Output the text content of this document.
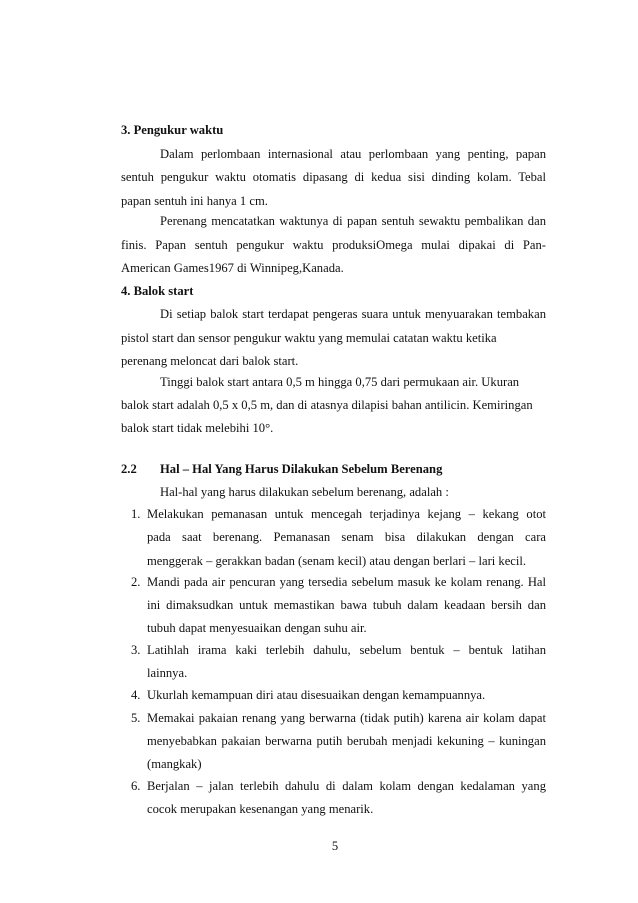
3. Pengukur waktu
Dalam perlombaan internasional atau perlombaan yang penting, papan
sentuh pengukur waktu otomatis dipasang di kedua sisi dinding kolam. Tebal
papan sentuh ini hanya 1 cm.
Perenang mencatatkan waktunya di papan sentuh sewaktu pembalikan dan
finis. Papan sentuh pengukur waktu produksiOmega mulai dipakai di Pan-
American Games1967 di Winnipeg,Kanada.
4. Balok start
Di setiap balok start terdapat pengeras suara untuk menyuarakan tembakan
pistol start dan sensor pengukur waktu yang memulai catatan waktu ketika
perenang meloncat dari balok start.
Tinggi balok start antara 0,5 m hingga 0,75 dari permukaan air. Ukuran
balok start adalah 0,5 x 0,5 m, dan di atasnya dilapisi bahan antilicin. Kemiringan
balok start tidak melebihi 10°.
2.2 Hal – Hal Yang Harus Dilakukan Sebelum Berenang
Hal-hal yang harus dilakukan sebelum berenang, adalah :
1. Melakukan pemanasan untuk mencegah terjadinya kejang – kekang otot
pada saat berenang. Pemanasan senam bisa dilakukan dengan cara
menggerak – gerakkan badan (senam kecil) atau dengan berlari – lari kecil.
2. Mandi pada air pencuran yang tersedia sebelum masuk ke kolam renang. Hal
ini dimaksudkan untuk memastikan bawa tubuh dalam keadaan bersih dan
tubuh dapat menyesuaikan dengan suhu air.
3. Latihlah irama kaki terlebih dahulu, sebelum bentuk – bentuk latihan
lainnya.
4. Ukurlah kemampuan diri atau disesuaikan dengan kemampuannya.
5. Memakai pakaian renang yang berwarna (tidak putih) karena air kolam dapat
menyebabkan pakaian berwarna putih berubah menjadi kekuning – kuningan
(mangkak)
6. Berjalan – jalan terlebih dahulu di dalam kolam dengan kedalaman yang
cocok merupakan kesenangan yang menarik.
5
